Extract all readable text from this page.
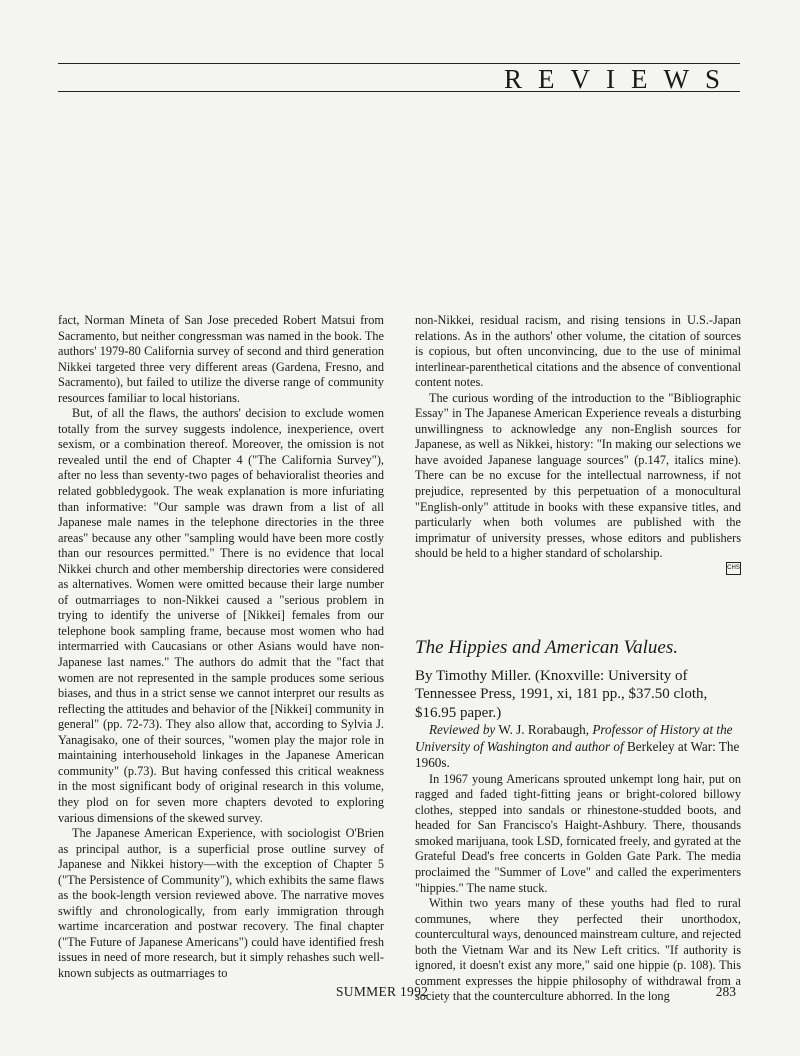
REVIEWS

fact, Norman Mineta of San Jose preceded Robert Matsui from Sacramento, but neither congressman was named in the book. The authors' 1979-80 California survey of second and third generation Nikkei targeted three very different areas (Gardena, Fresno, and Sacramento), but failed to utilize the diverse range of community resources familiar to local historians.

But, of all the flaws, the authors' decision to exclude women totally from the survey suggests indolence, inexperience, overt sexism, or a combination thereof. Moreover, the omission is not revealed until the end of Chapter 4 ("The California Survey"), after no less than seventy-two pages of behavioralist theories and related gobbledygook. The weak explanation is more infuriating than informative: "Our sample was drawn from a list of all Japanese male names in the telephone directories in the three areas" because any other "sampling would have been more costly than our resources permitted." There is no evidence that local Nikkei church and other membership directories were considered as alternatives. Women were omitted because their large number of outmarriages to non-Nikkei caused a "serious problem in trying to identify the universe of [Nikkei] females from our telephone book sampling frame, because most women who had intermarried with Caucasians or other Asians would have non-Japanese last names." The authors do admit that the "fact that women are not represented in the sample produces some serious biases, and thus in a strict sense we cannot interpret our results as reflecting the attitudes and behavior of the [Nikkei] community in general" (pp. 72-73). They also allow that, according to Sylvia J. Yanagisako, one of their sources, "women play the major role in maintaining interhousehold linkages in the Japanese American community" (p.73). But having confessed this critical weakness in the most significant body of original research in this volume, they plod on for seven more chapters devoted to exploring various dimensions of the skewed survey.

The Japanese American Experience, with sociologist O'Brien as principal author, is a superficial prose outline survey of Japanese and Nikkei history—with the exception of Chapter 5 ("The Persistence of Community"), which exhibits the same flaws as the book-length version reviewed above. The narrative moves swiftly and chronologically, from early immigration through wartime incarceration and postwar recovery. The final chapter ("The Future of Japanese Americans") could have identified fresh issues in need of more research, but it simply rehashes such well-known subjects as outmarriages to

non-Nikkei, residual racism, and rising tensions in U.S.-Japan relations. As in the authors' other volume, the citation of sources is copious, but often unconvincing, due to the use of minimal interlinear-parenthetical citations and the absence of conventional content notes.

The curious wording of the introduction to the "Bibliographic Essay" in The Japanese American Experience reveals a disturbing unwillingness to acknowledge any non-English sources for Japanese, as well as Nikkei, history: "In making our selections we have avoided Japanese language sources" (p.147, italics mine). There can be no excuse for the intellectual narrowness, if not prejudice, represented by this perpetuation of a monocultural "English-only" attitude in books with these expansive titles, and particularly when both volumes are published with the imprimatur of university presses, whose editors and publishers should be held to a higher standard of scholarship.

CHS
The Hippies and American Values.

By Timothy Miller. (Knoxville: University of Tennessee Press, 1991, xi, 181 pp., $37.50 cloth, $16.95 paper.)

Reviewed by W. J. Rorabaugh, Professor of History at the University of Washington and author of Berkeley at War: The 1960s.

In 1967 young Americans sprouted unkempt long hair, put on ragged and faded tight-fitting jeans or bright-colored billowy clothes, stepped into sandals or rhinestone-studded boots, and headed for San Francisco's Haight-Ashbury. There, thousands smoked marijuana, took LSD, fornicated freely, and gyrated at the Grateful Dead's free concerts in Golden Gate Park. The media proclaimed the "Summer of Love" and called the experimenters "hippies." The name stuck.

Within two years many of these youths had fled to rural communes, where they perfected their unorthodox, countercultural ways, denounced mainstream culture, and rejected both the Vietnam War and its New Left critics. "If authority is ignored, it doesn't exist any more," said one hippie (p. 108). This comment expresses the hippie philosophy of withdrawal from a society that the counterculture abhorred. In the long

SUMMER 1992	283
